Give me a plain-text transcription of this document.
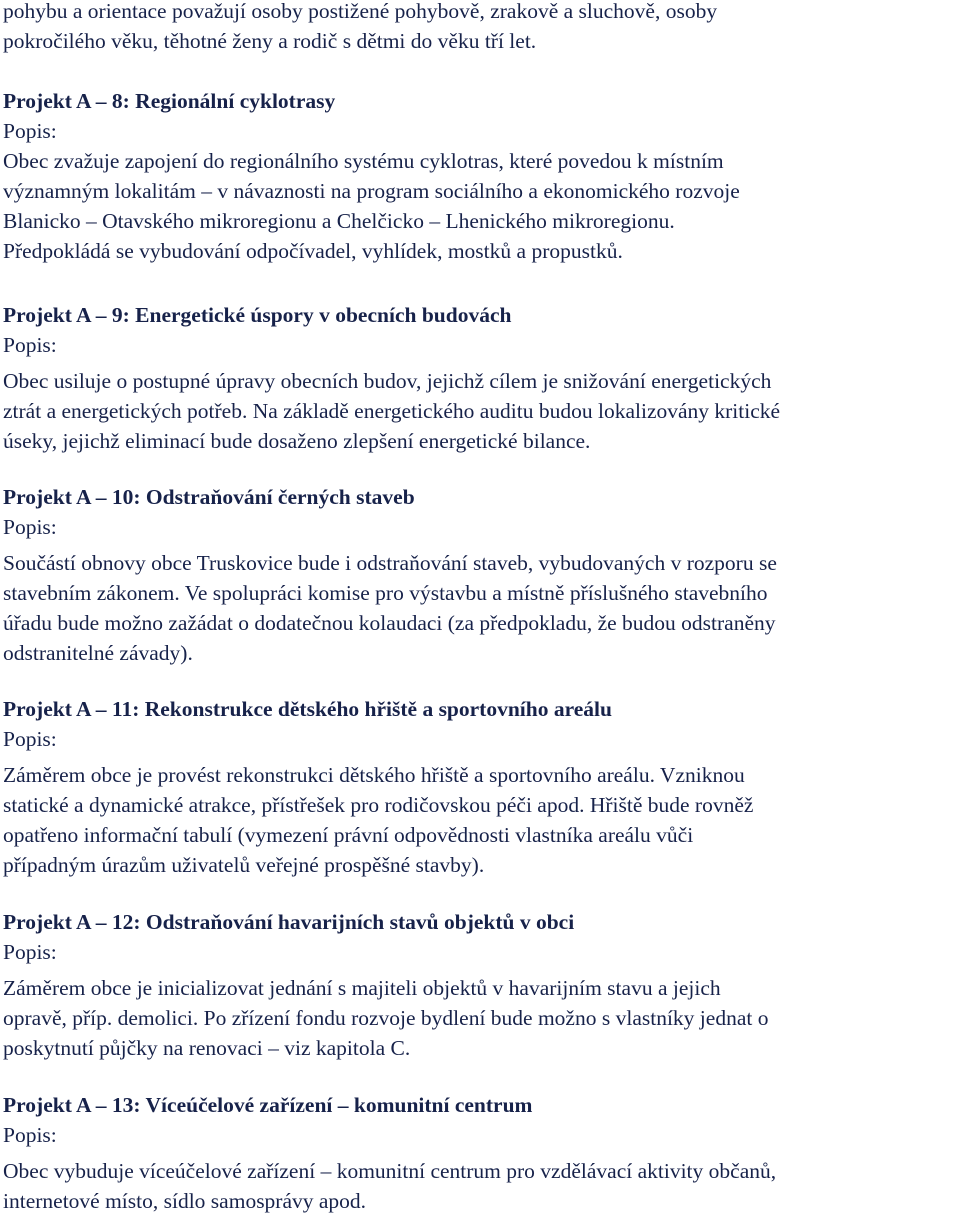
pohybu a orientace považují osoby postižené pohybově, zrakově a sluchově, osoby

pokročilého věku, těhotné ženy a rodič s dětmi do věku tří let.

Projekt A – 8: Regionální cyklotrasy

Popis:

Obec zvažuje zapojení do regionálního systému cyklotras, které povedou k místním

významným lokalitám – v návaznosti na program sociálního a ekonomického rozvoje

Blanicko – Otavského mikroregionu a Chelčicko – Lhenického mikroregionu.

Předpokládá se vybudování odpočívadel, vyhlídek, mostků a propustků.

Projekt A – 9: Energetické úspory v obecních budovách

Popis:

Obec usiluje o postupné úpravy obecních budov, jejichž cílem je snižování energetických

ztrát a energetických potřeb. Na základě energetického auditu budou lokalizovány kritické

úseky, jejichž eliminací bude dosaženo zlepšení energetické bilance.

Projekt A – 10: Odstraňování černých staveb

Popis:

Součástí obnovy obce Truskovice bude i odstraňování staveb, vybudovaných v rozporu se

stavebním zákonem. Ve spolupráci komise pro výstavbu a místně příslušného stavebního

úřadu bude možno zažádat o dodatečnou kolaudaci (za předpokladu, že budou odstraněny

odstranitelné závady).

Projekt A – 11: Rekonstrukce dětského hřiště a sportovního areálu

Popis:

Záměrem obce je provést rekonstrukci dětského hřiště a sportovního areálu. Vzniknou

statické a dynamické atrakce, přístřešek pro rodičovskou péči apod. Hřiště bude rovněž

opatřeno informační tabulí (vymezení právní odpovědnosti vlastníka areálu vůči

případným úrazům uživatelů veřejné prospěšné stavby).

Projekt A – 12: Odstraňování havarijních stavů objektů v obci

Popis:

Záměrem obce je inicializovat jednání s majiteli objektů v havarijním stavu a jejich

opravě, příp. demolici. Po zřízení fondu rozvoje bydlení bude možno s vlastníky jednat o

poskytnutí půjčky na renovaci – viz kapitola C.

Projekt A – 13: Víceúčelové zařízení – komunitní centrum

Popis:

Obec vybuduje víceúčelové zařízení – komunitní centrum pro vzdělávací aktivity občanů,

internetové místo, sídlo samosprávy apod.
